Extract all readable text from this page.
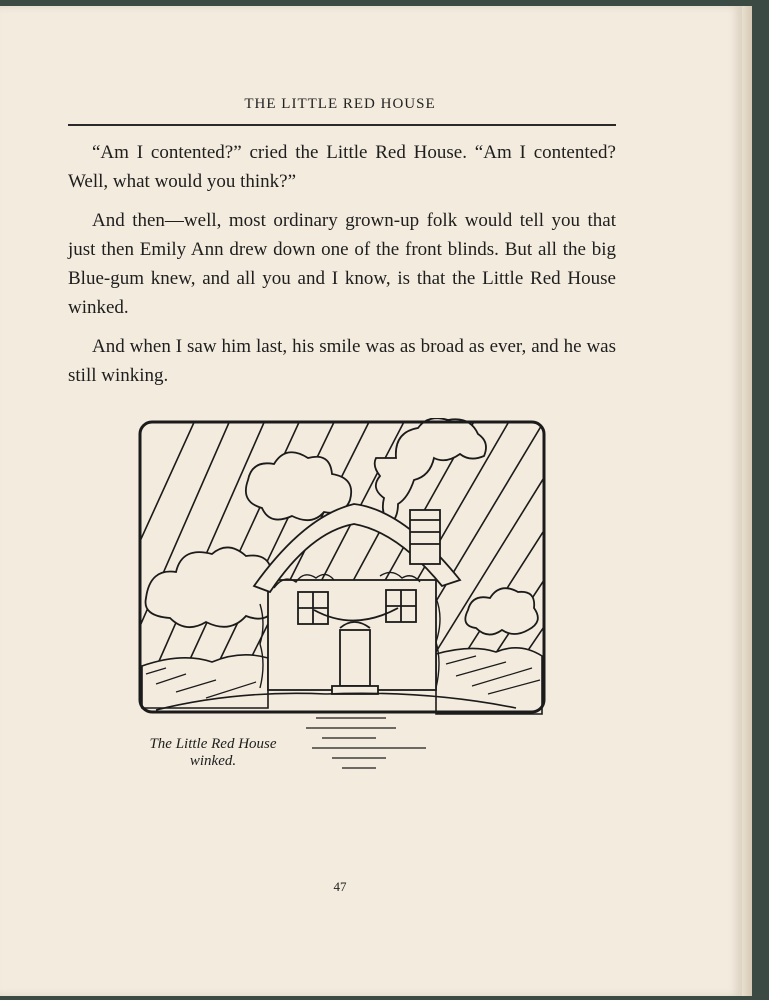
THE LITTLE RED HOUSE

“Am I contented?” cried the Little Red House. “Am I contented? Well, what would you think?”

And then—well, most ordinary grown-up folk would tell you that just then Emily Ann drew down one of the front blinds. But all the big Blue-gum knew, and all you and I know, is that the Little Red House winked.

And when I saw him last, his smile was as broad as ever, and he was still winking.

The Little Red House
winked.
47
